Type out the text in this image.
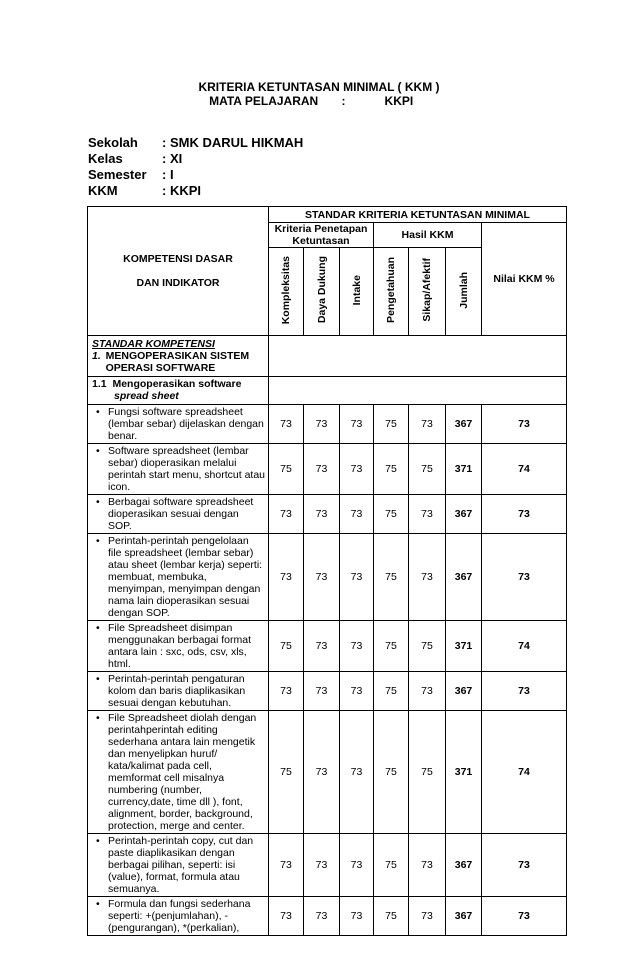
KRITERIA KETUNTASAN MINIMAL ( KKM )
MATA PELAJARAN :	KKPI
Sekolah : SMK DARUL HIKMAH
Kelas	: XI
Semester : I
KKM	: KKPI
KOMPETENSI DASAR
DAN INDIKATOR	STANDAR KRITERIA KETUNTASAN MINIMAL						
	Kriteria Penetapan Ketuntasan			Hasil KKM			Nilai KKM %
	Kompleksitas	Daya Dukung	Intake	Pengetahuan	Sikap/Afektif	Jumlah	

STANDAR KOMPETENSI
1. MENGOPERASIKAN SISTEM OPERASI SOFTWARE							

1.1 Mengoperasikan software
spread sheet							

• Fungsi software spreadsheet (lembar sebar) dijelaskan dengan benar.	73	73	73	75	73	367	73

• Software spreadsheet (lembar sebar) dioperasikan melalui perintah start menu, shortcut atau icon.	75	73	73	75	75	371	74

• Berbagai software spreadsheet dioperasikan sesuai dengan SOP.	73	73	73	75	73	367	73

• Perintah-perintah pengelolaan file spreadsheet (lembar sebar) atau sheet (lembar kerja) seperti: membuat, membuka, menyimpan, menyimpan dengan nama lain dioperasikan sesuai dengan SOP.	73	73	73	75	73	367	73

• File Spreadsheet disimpan menggunakan berbagai format antara lain : sxc, ods, csv, xls, html.	75	73	73	75	75	371	74

• Perintah-perintah pengaturan kolom dan baris diaplikasikan sesuai dengan kebutuhan.	73	73	73	75	73	367	73

• File Spreadsheet diolah dengan perintahperintah editing sederhana antara lain mengetik dan menyelipkan huruf/ kata/kalimat pada cell, memformat cell misalnya numbering (number, currency,date, time dll ), font, alignment, border, background, protection, merge and center.	75	73	73	75	75	371	74

• Perintah-perintah copy, cut dan paste diaplikasikan dengan berbagai pilihan, seperti: isi (value), format, formula atau semuanya.	73	73	73	75	73	367	73

• Formula dan fungsi sederhana seperti: +(penjumlahan), -(pengurangan), *(perkalian),	73	73	73	75	73	367	73
